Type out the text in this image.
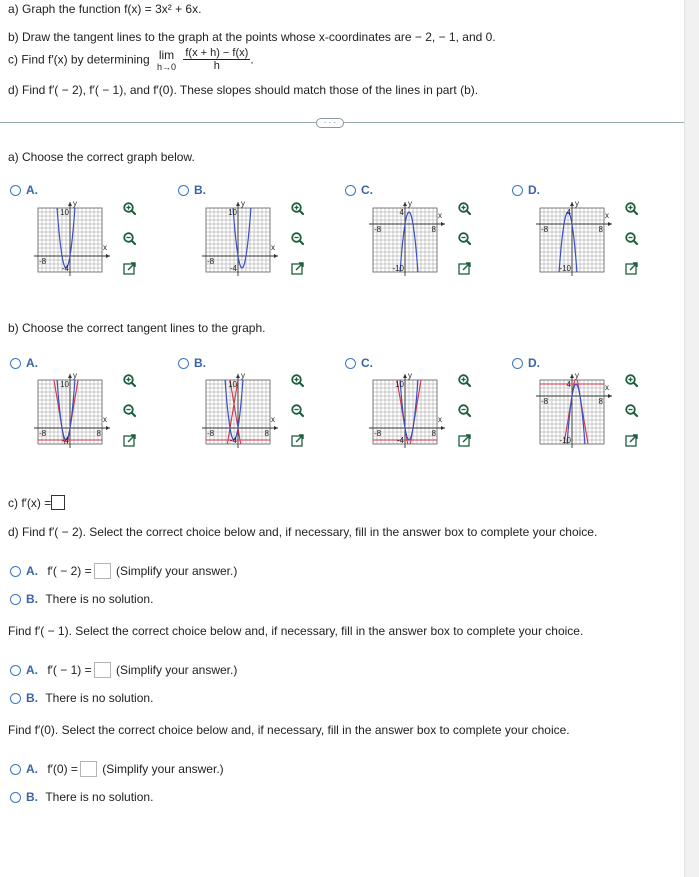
a) Graph the function f(x) = 3x² + 6x.
b) Draw the tangent lines to the graph at the points whose x-coordinates are − 2, − 1, and 0.
c) Find f′(x) by determining lim
h→0
$\frac{f(x + h) - f(x)}{h}$ .
d) Find f′( − 2), f′( − 1), and f′(0). These slopes should match those of the lines in part (b).
· · ·
a) Choose the correct graph below.
A.
y
x
10
-8
-4
B.
y
x
10
-8
-4
C.
y
x
4
-8	8
-10
D.
y
x
4
-8	8
-10
b) Choose the correct tangent lines to the graph.
A.
y
x
10
-8	8
-4
B.
y
x
10
-8	8
-4
C.
y
x
10
-8	8
-4
D.
y
x
4
-8	8
-10
c) f′(x) =
d) Find f′( − 2). Select the correct choice below and, if necessary, fill in the answer box to complete your choice.
A. f′( − 2) = (Simplify your answer.)
B. There is no solution.
Find f′( − 1). Select the correct choice below and, if necessary, fill in the answer box to complete your choice.
A. f′( − 1) = (Simplify your answer.)
B. There is no solution.
Find f′(0). Select the correct choice below and, if necessary, fill in the answer box to complete your choice.
A. f′(0) = (Simplify your answer.)
B. There is no solution.
